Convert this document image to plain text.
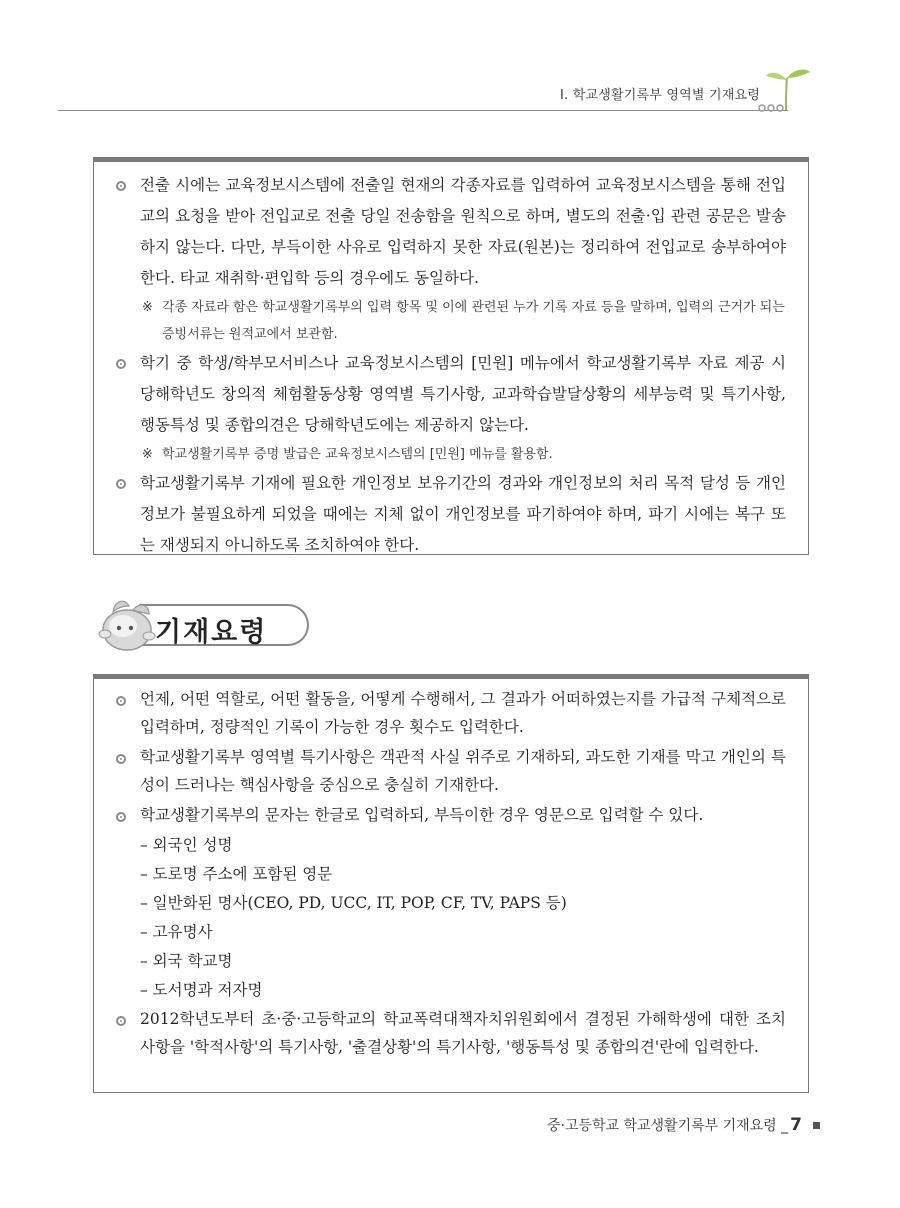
Ⅰ. 학교생활기록부 영역별 기재요령
전출 시에는 교육정보시스템에 전출일 현재의 각종자료를 입력하여 교육정보시스템을 통해 전입교의 요청을 받아 전입교로 전출 당일 전송함을 원칙으로 하며, 별도의 전출·입 관련 공문은 발송하지 않는다. 다만, 부득이한 사유로 입력하지 못한 자료(원본)는 정리하여 전입교로 송부하여야 한다. 타교 재취학·편입학 등의 경우에도 동일하다.
※ 각종 자료라 함은 학교생활기록부의 입력 항목 및 이에 관련된 누가 기록 자료 등을 말하며, 입력의 근거가 되는 증빙서류는 원적교에서 보관함.
학기 중 학생/학부모서비스나 교육정보시스템의 [민원] 메뉴에서 학교생활기록부 자료 제공 시 당해학년도 창의적 체험활동상황 영역별 특기사항, 교과학습발달상황의 세부능력 및 특기사항, 행동특성 및 종합의견은 당해학년도에는 제공하지 않는다.
※ 학교생활기록부 증명 발급은 교육정보시스템의 [민원] 메뉴를 활용함.
학교생활기록부 기재에 필요한 개인정보 보유기간의 경과와 개인정보의 처리 목적 달성 등 개인정보가 불필요하게 되었을 때에는 지체 없이 개인정보를 파기하여야 하며, 파기 시에는 복구 또는 재생되지 아니하도록 조치하여야 한다.
기재요령
언제, 어떤 역할로, 어떤 활동을, 어떻게 수행해서, 그 결과가 어떠하였는지를 가급적 구체적으로 입력하며, 정량적인 기록이 가능한 경우 횟수도 입력한다.
학교생활기록부 영역별 특기사항은 객관적 사실 위주로 기재하되, 과도한 기재를 막고 개인의 특성이 드러나는 핵심사항을 중심으로 충실히 기재한다.
학교생활기록부의 문자는 한글로 입력하되, 부득이한 경우 영문으로 입력할 수 있다.
– 외국인 성명
– 도로명 주소에 포함된 영문
– 일반화된 명사(CEO, PD, UCC, IT, POP, CF, TV, PAPS 등)
– 고유명사
– 외국 학교명
– 도서명과 저자명
2012학년도부터 초·중·고등학교의 학교폭력대책자치위원회에서 결정된 가해학생에 대한 조치사항을 '학적사항'의 특기사항, '출결상황'의 특기사항, '행동특성 및 종합의견'란에 입력한다.
중·고등학교 학교생활기록부 기재요령 _ 7
